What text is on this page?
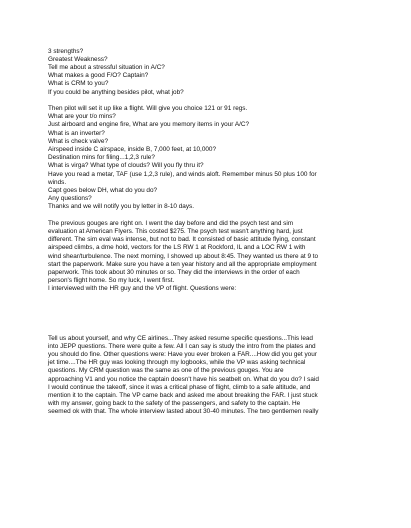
3 strengths?
Greatest Weakness?
Tell me about a stressful situation in A/C?
What makes a good F/O? Captain?
What is CRM to you?
If you could be anything besides pilot, what job?
Then pilot will set it up like a flight. Will give you choice 121 or 91 regs.
What are your t/o mins?
Just airboard and engine fire, What are you memory items in your A/C?
What is an inverter?
What is check valve?
Airspeed inside C airspace, inside B, 7,000 feet, at 10,000?
Destination mins for filing...1,2,3 rule?
What is virga? What type of clouds? Will you fly thru it?
Have you read a metar, TAF (use 1,2,3 rule), and winds aloft. Remember minus 50 plus 100 for
winds.
Capt goes below DH, what do you do?
Any questions?
Thanks and we will notify you by letter in 8-10 days.
The previous gouges are right on. I went the day before and did the psych test and sim
evaluation at American Flyers. This costed $275. The psych test wasn't anything hard, just
different. The sim eval was intense, but not to bad. It consisted of basic attitude flying, constant
airspeed climbs, a dme hold, vectors for the LS RW 1 at Rockford, IL and a LOC RW 1 with
wind shear/turbulence. The next morning, I showed up about 8:45. They wanted us there at 9 to
start the paperwork. Make sure you have a ten year history and all the appropriate employment
paperwork. This took about 30 minutes or so. They did the interviews in the order of each
person's flight home. So my luck, I went first.
I interviewed with the HR guy and the VP of flight. Questions were:
Tell us about yourself, and why CE airlines...They asked resume specific questions...This lead
into JEPP questions. There were quite a few. All I can say is study the intro from the plates and
you should do fine. Other questions were: Have you ever broken a FAR....How did you get your
jet time....The HR guy was looking through my logbooks, while the VP was asking technical
questions. My CRM question was the same as one of the previous gouges. You are
approaching V1 and you notice the captain doesn't have his seatbelt on. What do you do? I said
I would continue the takeoff, since it was a critical phase of flight, climb to a safe altitude, and
mention it to the captain. The VP came back and asked me about breaking the FAR. I just stuck
with my answer, going back to the safety of the passengers, and safety to the captain. He
seemed ok with that. The whole interview lasted about 30-40 minutes. The two gentlemen really
